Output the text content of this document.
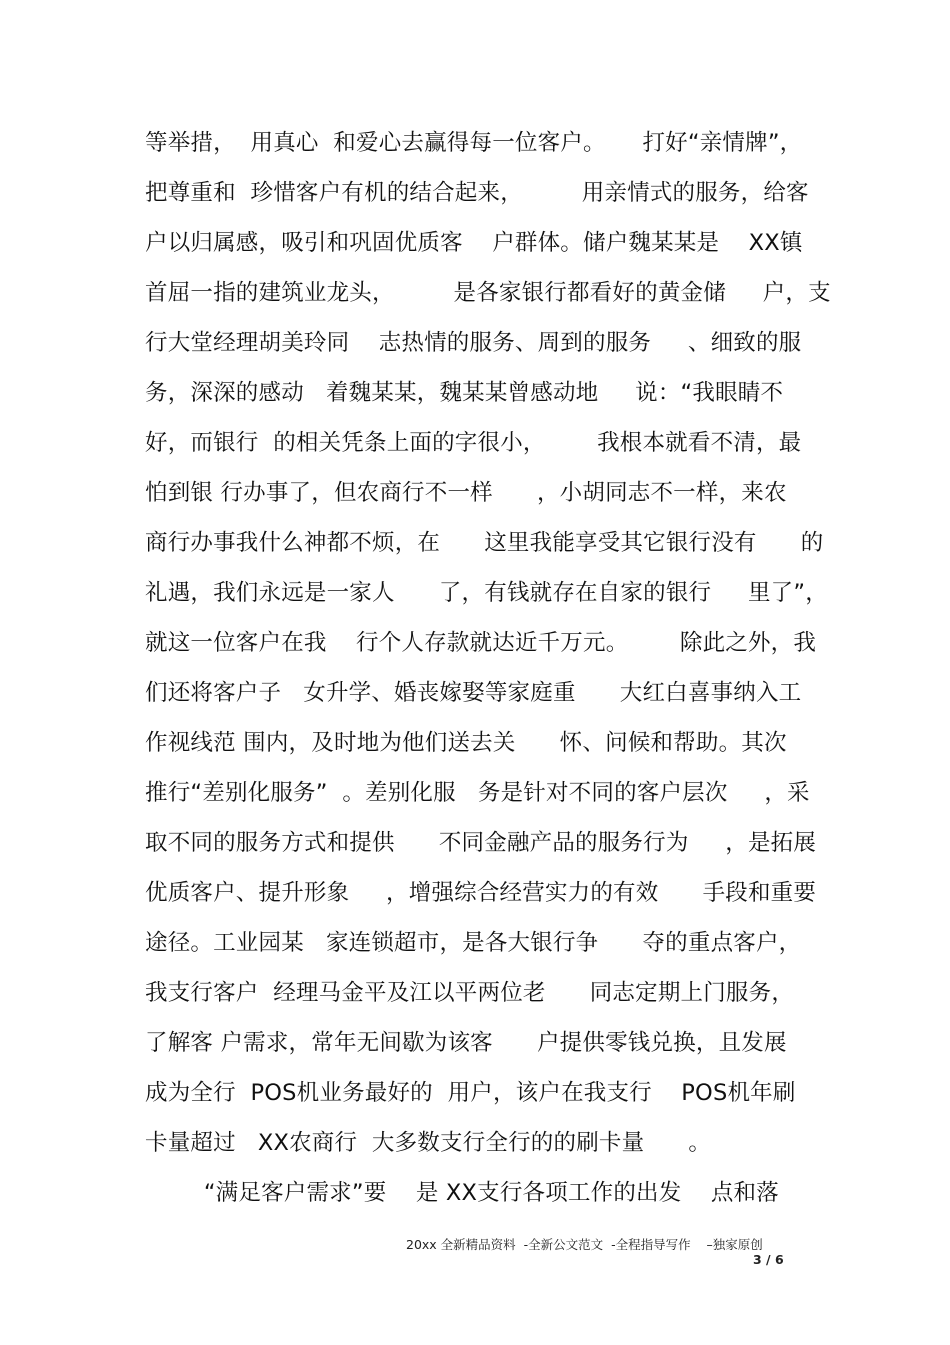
等举措，  用真心  和爱心去赢得每一位客户。     打好“亲情牌”，
把尊重和  珍惜客户有机的结合起来，        用亲情式的服务，给客
户以归属感，吸引和巩固优质客    户群体。储户魏某某是    XX镇
首屈一指的建筑业龙头，        是各家银行都看好的黄金储     户，支
行大堂经理胡美玲同    志热情的服务、周到的服务     、细致的服
务，深深的感动   着魏某某，魏某某曾感动地     说：“我眼睛不
好，而银行  的相关凭条上面的字很小，       我根本就看不清，最
怕到银 行办事了，但农商行不一样      ，小胡同志不一样，来农
商行办事我什么神都不烦，在      这里我能享受其它银行没有      的
礼遇，我们永远是一家人      了，有钱就存在自家的银行     里了”，
就这一位客户在我    行个人存款就达近千万元。       除此之外，我
们还将客户子   女升学、婚丧嫁娶等家庭重      大红白喜事纳入工
作视线范 围内，及时地为他们送去关      怀、问候和帮助。其次
推行“差别化服务”  。差别化服   务是针对不同的客户层次     ，采
取不同的服务方式和提供      不同金融产品的服务行为     ，是拓展
优质客户、提升形象     ，增强综合经营实力的有效      手段和重要
途径。工业园某   家连锁超市，是各大银行争      夺的重点客户，
我支行客户  经理马金平及江以平两位老      同志定期上门服务，
了解客 户需求，常年无间歇为该客      户提供零钱兑换，且发展
成为全行  POS机业务最好的  用户，该户在我支行    POS机年刷
卡量超过   XX农商行  大多数支行全行的的刷卡量      。
“满足客户需求”要    是 XX支行各项工作的出发    点和落
20xx 全新精品资料  -全新公文范文  -全程指导写作    –独家原创
3 / 6
